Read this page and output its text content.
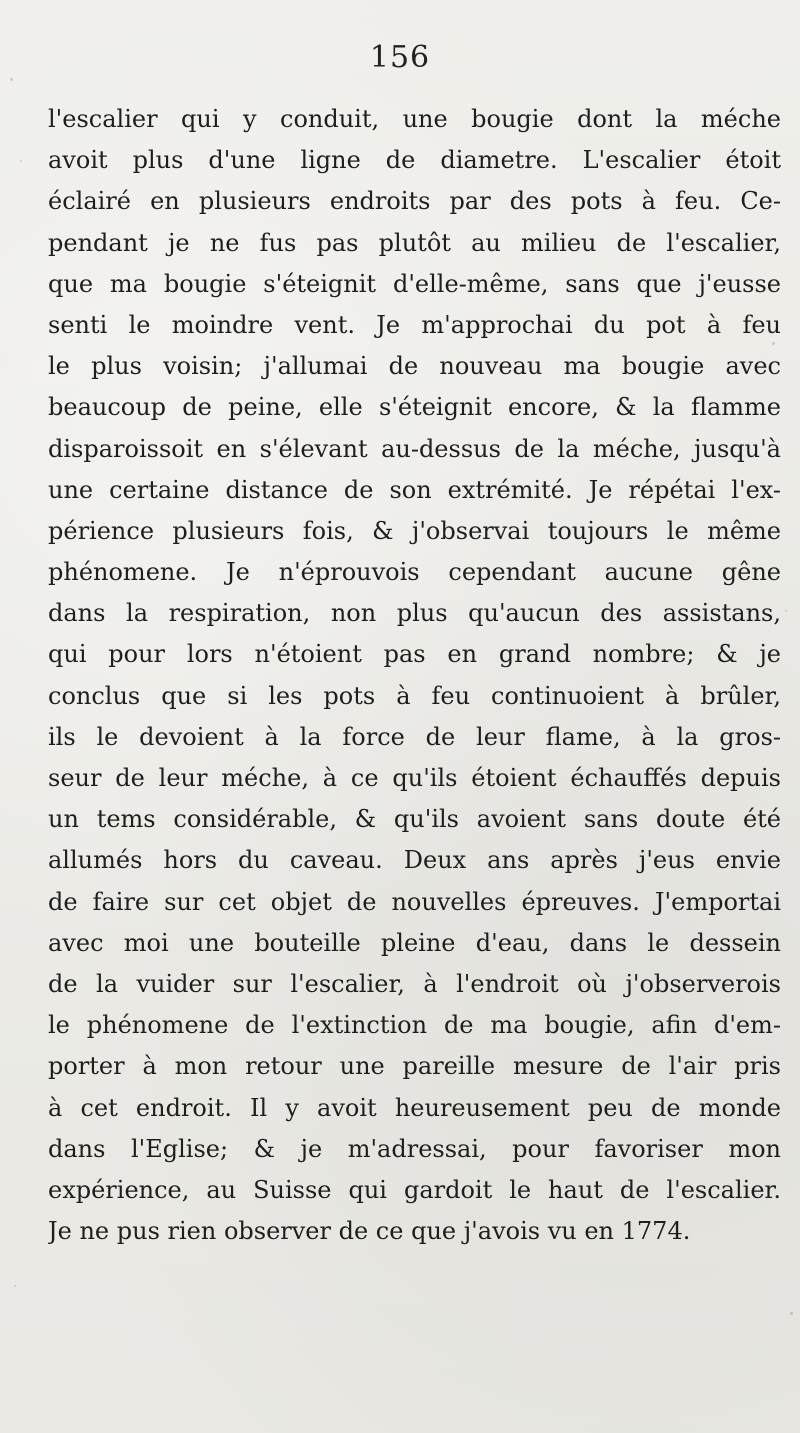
156
l'escalier qui y conduit, une bougie dont la méche
avoit plus d'une ligne de diametre. L'escalier étoit
éclairé en plusieurs endroits par des pots à feu. Ce-
pendant je ne fus pas plutôt au milieu de l'escalier,
que ma bougie s'éteignit d'elle-même, sans que j'eusse
senti le moindre vent. Je m'approchai du pot à feu
le plus voisin; j'allumai de nouveau ma bougie avec
beaucoup de peine, elle s'éteignit encore, & la flamme
disparoissoit en s'élevant au-dessus de la méche, jusqu'à
une certaine distance de son extrémité. Je répétai l'ex-
périence plusieurs fois, & j'observai toujours le même
phénomene. Je n'éprouvois cependant aucune gêne
dans la respiration, non plus qu'aucun des assistans,
qui pour lors n'étoient pas en grand nombre; & je
conclus que si les pots à feu continuoient à brûler,
ils le devoient à la force de leur flame, à la gros-
seur de leur méche, à ce qu'ils étoient échauffés depuis
un tems considérable, & qu'ils avoient sans doute été
allumés hors du caveau. Deux ans après j'eus envie
de faire sur cet objet de nouvelles épreuves. J'emportai
avec moi une bouteille pleine d'eau, dans le dessein
de la vuider sur l'escalier, à l'endroit où j'observerois
le phénomene de l'extinction de ma bougie, afin d'em-
porter à mon retour une pareille mesure de l'air pris
à cet endroit. Il y avoit heureusement peu de monde
dans l'Eglise; & je m'adressai, pour favoriser mon
expérience, au Suisse qui gardoit le haut de l'escalier.
Je ne pus rien observer de ce que j'avois vu en 1774.
